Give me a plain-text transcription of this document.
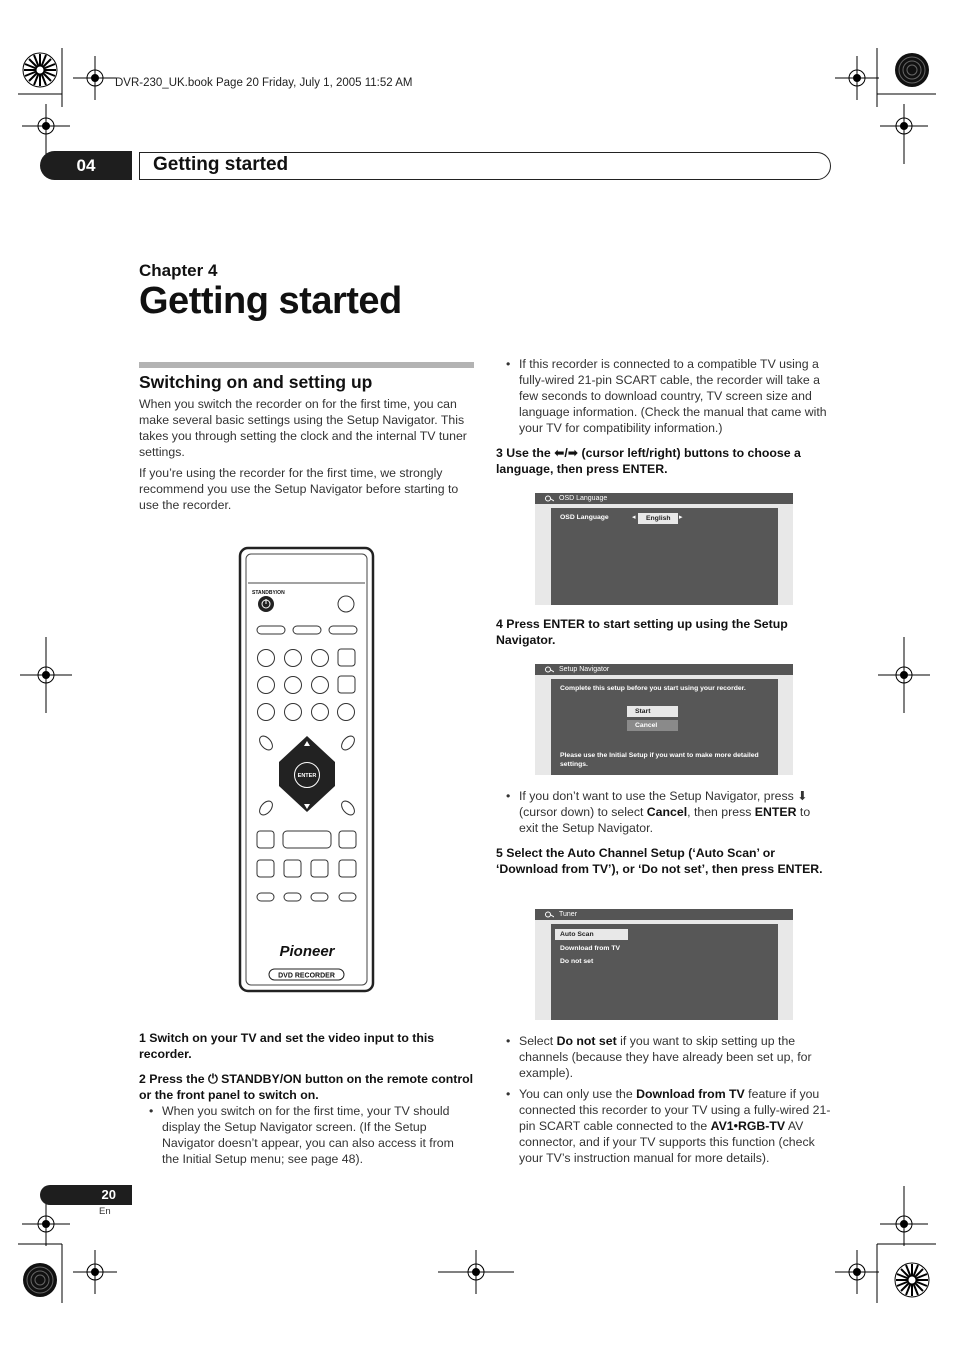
DVR-230_UK.book Page 20 Friday, July 1, 2005 11:52 AM
04	Getting started
Chapter 4
Getting started
Switching on and setting up
When you switch the recorder on for the first time, you can make several basic settings using the Setup Navigator. This takes you through setting the clock and the internal TV tuner settings.
If you’re using the recorder for the first time, we strongly recommend you use the Setup Navigator before starting to use the recorder.
STANDBY/ON
ENTER
Pioneer
DVD RECORDER
1 Switch on your TV and set the video input to this recorder.
2 Press the ⏻ STANDBY/ON button on the remote control or the front panel to switch on.
• When you switch on for the first time, your TV should display the Setup Navigator screen. (If the Setup Navigator doesn’t appear, you can also access it from the Initial Setup menu; see page 48).
• If this recorder is connected to a compatible TV using a fully-wired 21-pin SCART cable, the recorder will take a few seconds to download country, TV screen size and language information. (Check the manual that came with your TV for compatibility information.)
3 Use the ⬅/➡ (cursor left/right) buttons to choose a language, then press ENTER.
OSD Language
OSD Language	◂	English	▸
4 Press ENTER to start setting up using the Setup Navigator.
Setup Navigator
Complete this setup before you start using your recorder.
Start
Cancel
Please use the Initial Setup if you want to make more detailed settings.
• If you don’t want to use the Setup Navigator, press ⬇ (cursor down) to select Cancel, then press ENTER to exit the Setup Navigator.
5 Select the Auto Channel Setup (‘Auto Scan’ or ‘Download from TV’), or ‘Do not set’, then press ENTER.
Tuner
Auto Scan
Download from TV
Do not set
• Select Do not set if you want to skip setting up the channels (because they have already been set up, for example).
• You can only use the Download from TV feature if you connected this recorder to your TV using a fully-wired 21-pin SCART cable connected to the AV1•RGB-TV AV connector, and if your TV supports this function (check your TV’s instruction manual for more details).
20
En
